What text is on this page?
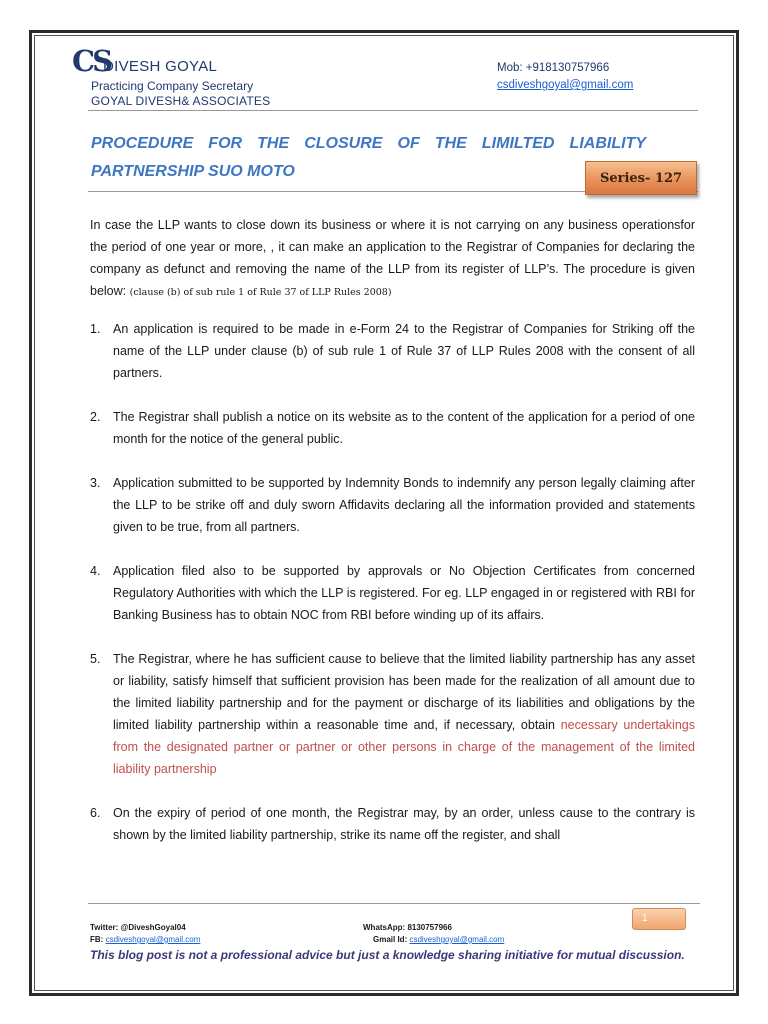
CS
DIVESH GOYAL
Practicing Company Secretary
GOYAL DIVESH& ASSOCIATES
Mob: +918130757966
csdiveshgoyal@gmail.com
PROCEDURE FOR THE CLOSURE OF THE LIMILTED LIABILITY PARTNERSHIP SUO MOTO	Series- 127

In case the LLP wants to close down its business or where it is not carrying on any business operationsfor the period of one year or more, , it can make an application to the Registrar of Companies for declaring the company as defunct and removing the name of the LLP from its register of LLP’s. The procedure is given below: (clause (b) of sub rule 1 of Rule 37 of LLP Rules 2008)

1. An application is required to be made in e-Form 24 to the Registrar of Companies for Striking off the name of the LLP under clause (b) of sub rule 1 of Rule 37 of LLP Rules 2008 with the consent of all partners.
2. The Registrar shall publish a notice on its website as to the content of the application for a period of one month for the notice of the general public.
3. Application submitted to be supported by Indemnity Bonds to indemnify any person legally claiming after the LLP to be strike off and duly sworn Affidavits declaring all the information provided and statements given to be true, from all partners.
4. Application filed also to be supported by approvals or No Objection Certificates from concerned Regulatory Authorities with which the LLP is registered. For eg. LLP engaged in or registered with RBI for Banking Business has to obtain NOC from RBI before winding up of its affairs.
5. The Registrar, where he has sufficient cause to believe that the limited liability partnership has any asset or liability, satisfy himself that sufficient provision has been made for the realization of all amount due to the limited liability partnership and for the payment or discharge of its liabilities and obligations by the limited liability partnership within a reasonable time and, if necessary, obtain necessary undertakings from the designated partner or partner or other persons in charge of the management of the limited liability partnership
6. On the expiry of period of one month, the Registrar may, by an order, unless cause to the contrary is shown by the limited liability partnership, strike its name off the register, and shall
1
Twitter: @DiveshGoyal04
FB: csdiveshgoyal@gmail.com
WhatsApp: 8130757966
Gmail Id: csdiveshgoyal@gmail.com
This blog post is not a professional advice but just a knowledge sharing initiative for mutual discussion.
